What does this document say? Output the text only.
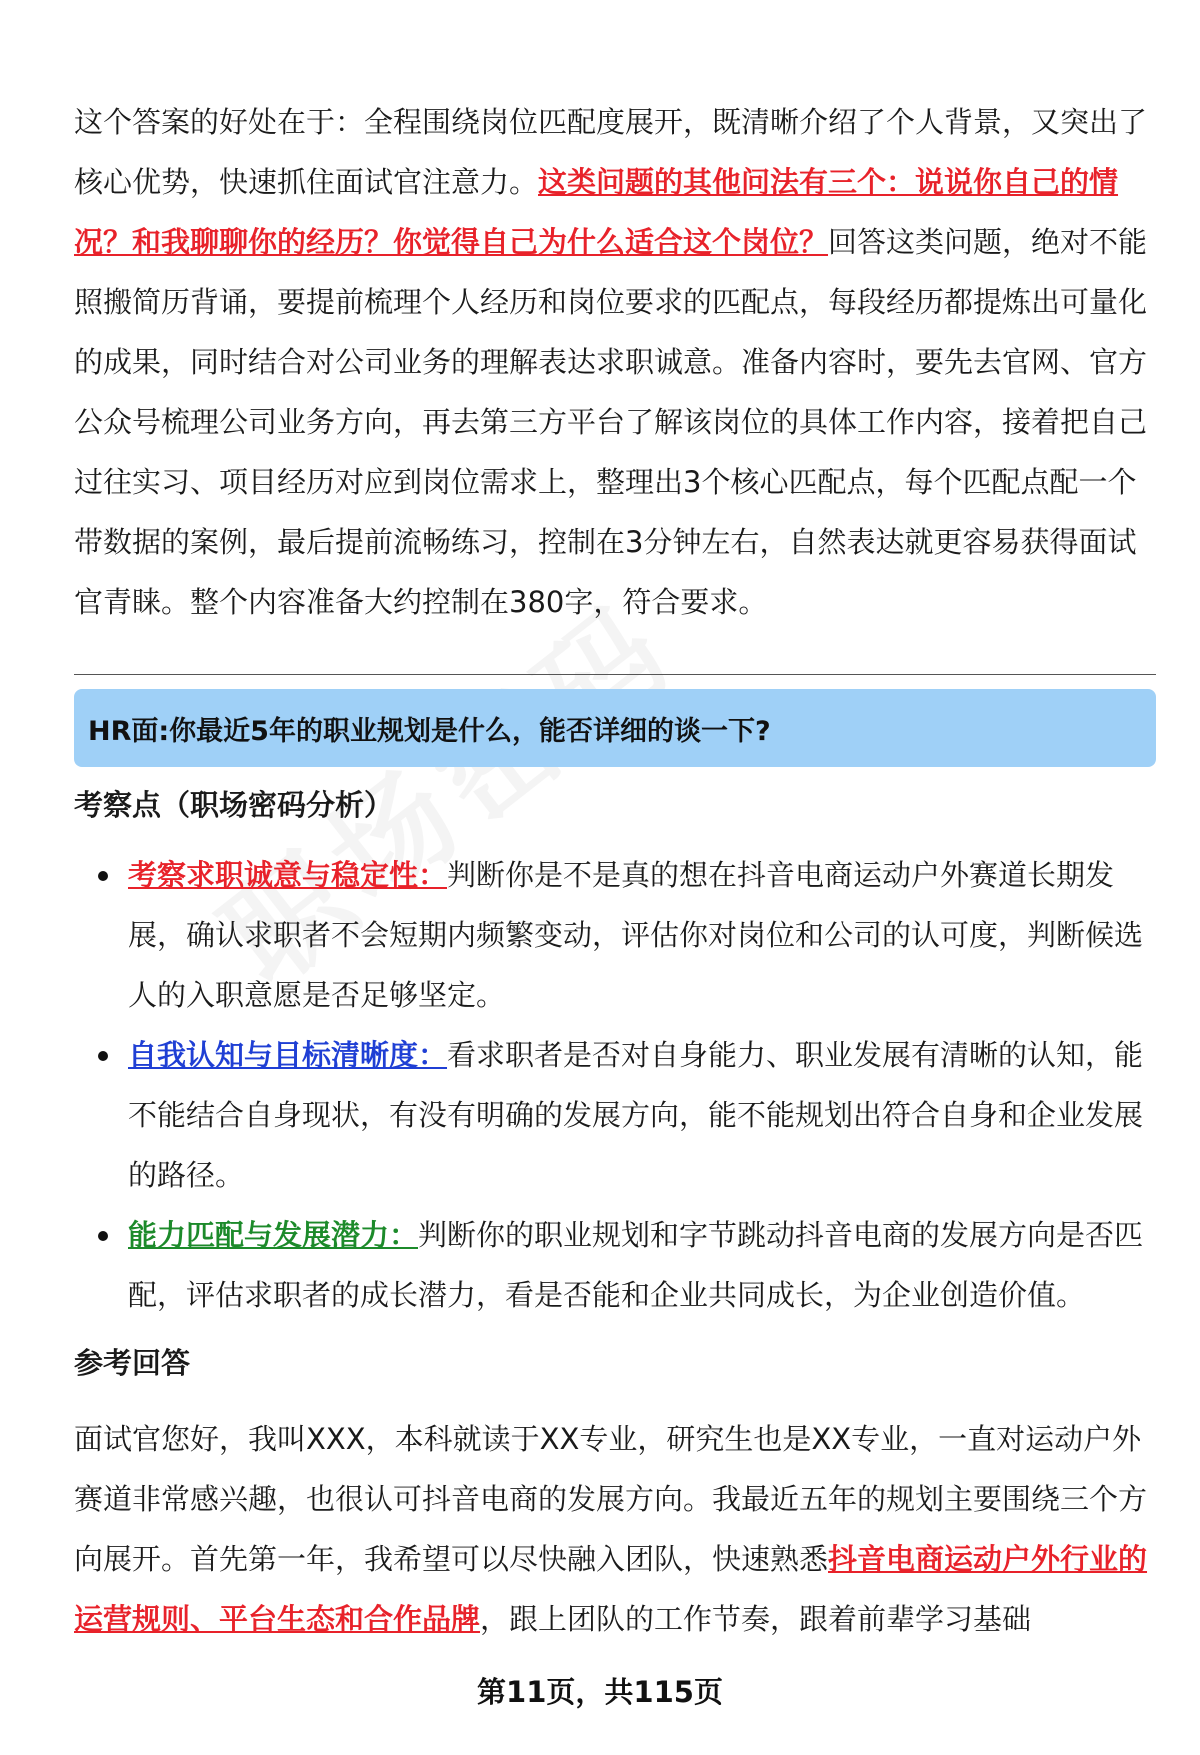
这个答案的好处在于：全程围绕岗位匹配度展开，既清晰介绍了个人背景，又突出了核心优势，快速抓住面试官注意力。这类问题的其他问法有三个：说说你自己的情况？和我聊聊你的经历？你觉得自己为什么适合这个岗位？回答这类问题，绝对不能照搬简历背诵，要提前梳理个人经历和岗位要求的匹配点，每段经历都提炼出可量化的成果，同时结合对公司业务的理解表达求职诚意。准备内容时，要先去官网、官方公众号梳理公司业务方向，再去第三方平台了解该岗位的具体工作内容，接着把自己过往实习、项目经历对应到岗位需求上，整理出3个核心匹配点，每个匹配点配一个带数据的案例，最后提前流畅练习，控制在3分钟左右，自然表达就更容易获得面试官青睐。整个内容准备大约控制在380字，符合要求。

HR面:你最近5年的职业规划是什么，能否详细的谈一下?
考察点（职场密码分析）
考察求职诚意与稳定性：判断你是不是真的想在抖音电商运动户外赛道长期发展，确认求职者不会短期内频繁变动，评估你对岗位和公司的认可度，判断候选人的入职意愿是否足够坚定。
自我认知与目标清晰度：看求职者是否对自身能力、职业发展有清晰的认知，能不能结合自身现状，有没有明确的发展方向，能不能规划出符合自身和企业发展的路径。
能力匹配与发展潜力：判断你的职业规划和字节跳动抖音电商的发展方向是否匹配，评估求职者的成长潜力，看是否能和企业共同成长，为企业创造价值。
参考回答

面试官您好，我叫XXX，本科就读于XX专业，研究生也是XX专业，一直对运动户外赛道非常感兴趣，也很认可抖音电商的发展方向。我最近五年的规划主要围绕三个方向展开。首先第一年，我希望可以尽快融入团队，快速熟悉抖音电商运动户外行业的运营规则、平台生态和合作品牌，跟上团队的工作节奏，跟着前辈学习基础

第11页，共115页
